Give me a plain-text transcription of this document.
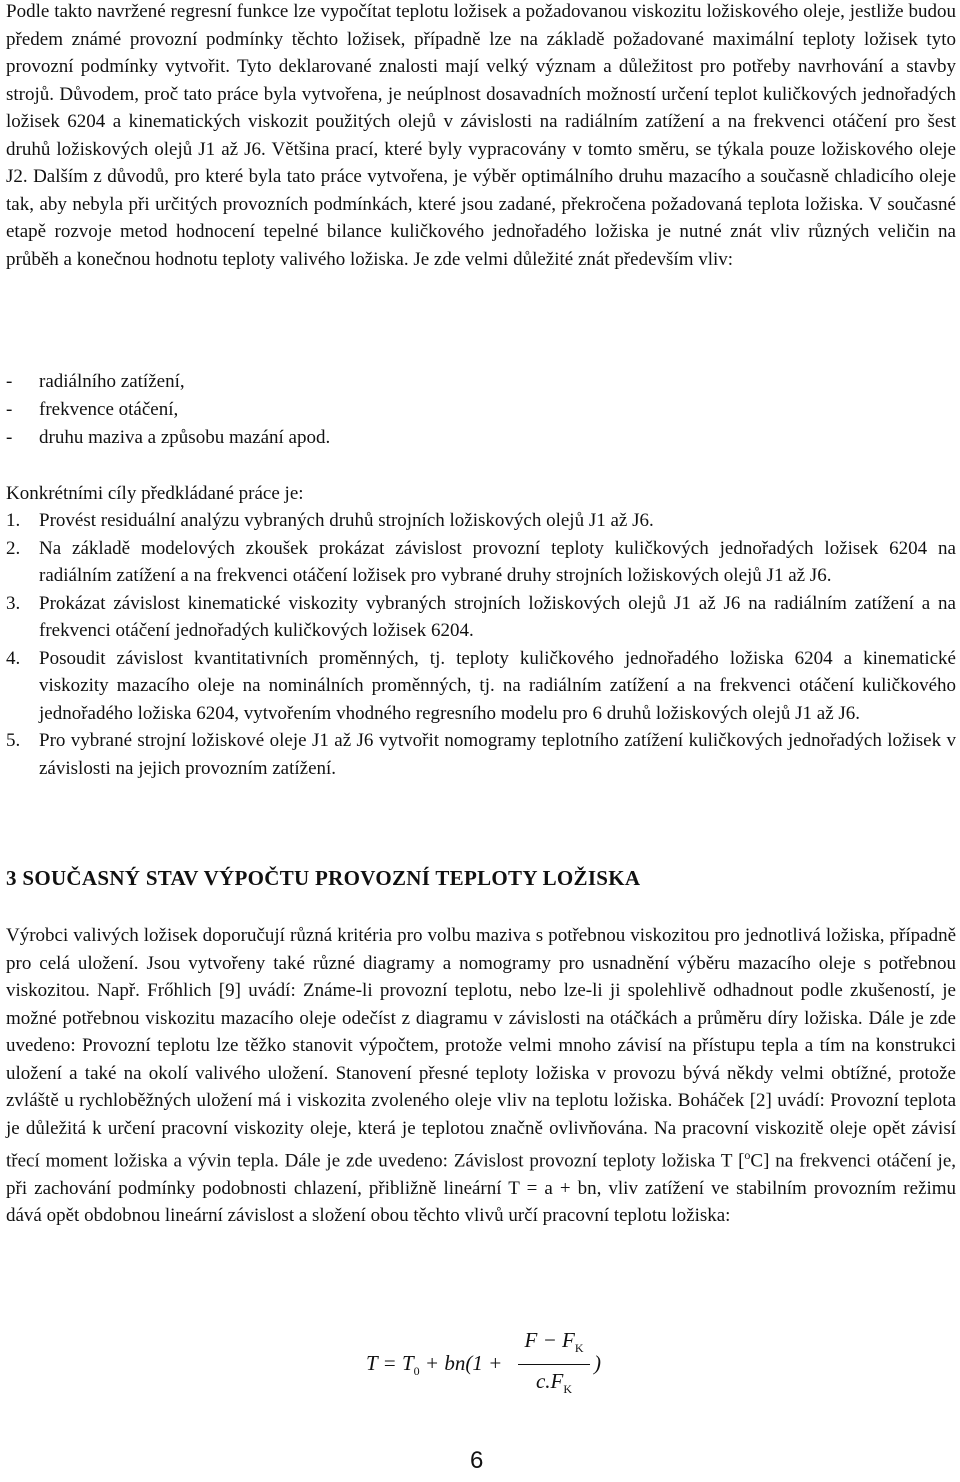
Podle takto navržené regresní funkce lze vypočítat teplotu ložisek a požadovanou viskozitu ložiskového oleje, jestliže budou předem známé provozní podmínky těchto ložisek, případně lze na základě požadované maximální teploty ložisek tyto provozní podmínky vytvořit. Tyto deklarované znalosti mají velký význam a důležitost pro potřeby navrhování a stavby strojů. Důvodem, proč tato práce byla vytvořena, je neúplnost dosavadních možností určení teplot kuličkových jednořadých ložisek 6204 a kinematických viskozit použitých olejů v závislosti na radiálním zatížení a na frekvenci otáčení pro šest druhů ložiskových olejů J1 až J6. Většina prací, které byly vypracovány v tomto směru, se týkala pouze ložiskového oleje J2. Dalším z důvodů, pro které byla tato práce vytvořena, je výběr optimálního druhu mazacího a současně chladicího oleje tak, aby nebyla při určitých provozních podmínkách, které jsou zadané, překročena požadovaná teplota ložiska. V současné etapě rozvoje metod hodnocení tepelné bilance kuličkového jednořadého ložiska je nutné znát vliv různých veličin na průběh a konečnou hodnotu teploty valivého ložiska. Je zde velmi důležité znát především vliv:

-	radiálního zatížení,
-	frekvence otáčení,
-	druhu maziva a způsobu mazání apod.
Konkrétními cíly předkládané práce je:
1. Provést residuální analýzu vybraných druhů strojních ložiskových olejů J1 až J6.
2. Na základě modelových zkoušek prokázat závislost provozní teploty kuličkových jednořadých ložisek 6204 na radiálním zatížení a na frekvenci otáčení ložisek pro vybrané druhy strojních ložiskových olejů J1 až J6.
3. Prokázat závislost kinematické viskozity vybraných strojních ložiskových olejů J1 až J6 na radiálním zatížení a na frekvenci otáčení jednořadých kuličkových ložisek 6204.
4. Posoudit závislost kvantitativních proměnných, tj. teploty kuličkového jednořadého ložiska 6204 a kinematické viskozity mazacího oleje na nominálních proměnných, tj. na radiálním zatížení a na frekvenci otáčení kuličkového jednořadého ložiska 6204, vytvořením vhodného regresního modelu pro 6 druhů ložiskových olejů J1 až J6.
5. Pro vybrané strojní ložiskové oleje J1 až J6 vytvořit nomogramy teplotního zatížení kuličkových jednořadých ložisek v závislosti na jejich provozním zatížení.
3 SOUČASNÝ STAV VÝPOČTU PROVOZNÍ TEPLOTY LOŽISKA

Výrobci valivých ložisek doporučují různá kritéria pro volbu maziva s potřebnou viskozitou pro jednotlivá ložiska, případně pro celá uložení. Jsou vytvořeny také různé diagramy a nomogramy pro usnadnění výběru mazacího oleje s potřebnou viskozitou. Např. Frőhlich [9] uvádí: Známe-li provozní teplotu, nebo lze-li ji spolehlivě odhadnout podle zkušeností, je možné potřebnou viskozitu mazacího oleje odečíst z diagramu v závislosti na otáčkách a průměru díry ložiska. Dále je zde uvedeno: Provozní teplotu lze těžko stanovit výpočtem, protože velmi mnoho závisí na přístupu tepla a tím na konstrukci uložení a také na okolí valivého uložení. Stanovení přesné teploty ložiska v provozu bývá někdy velmi obtížné, protože zvláště u rychloběžných uložení má i viskozita zvoleného oleje vliv na teplotu ložiska. Boháček [2] uvádí: Provozní teplota je důležitá k určení pracovní viskozity oleje, která je teplotou značně ovlivňována. Na pracovní viskozitě oleje opět závisí třecí moment ložiska a vývin tepla. Dále je zde uvedeno: Závislost provozní teploty ložiska T [$^o$C] na frekvenci otáčení je, při zachování podmínky podobnosti chlazení, přibližně lineární T = a + bn, vliv zatížení ve stabilním provozním režimu dává opět obdobnou lineární závislost a složení obou těchto vlivů určí pracovní teplotu ložiska:

$T = T_0 + bn(1$ +
$F - F_K$
$c.F_K$
)
6
